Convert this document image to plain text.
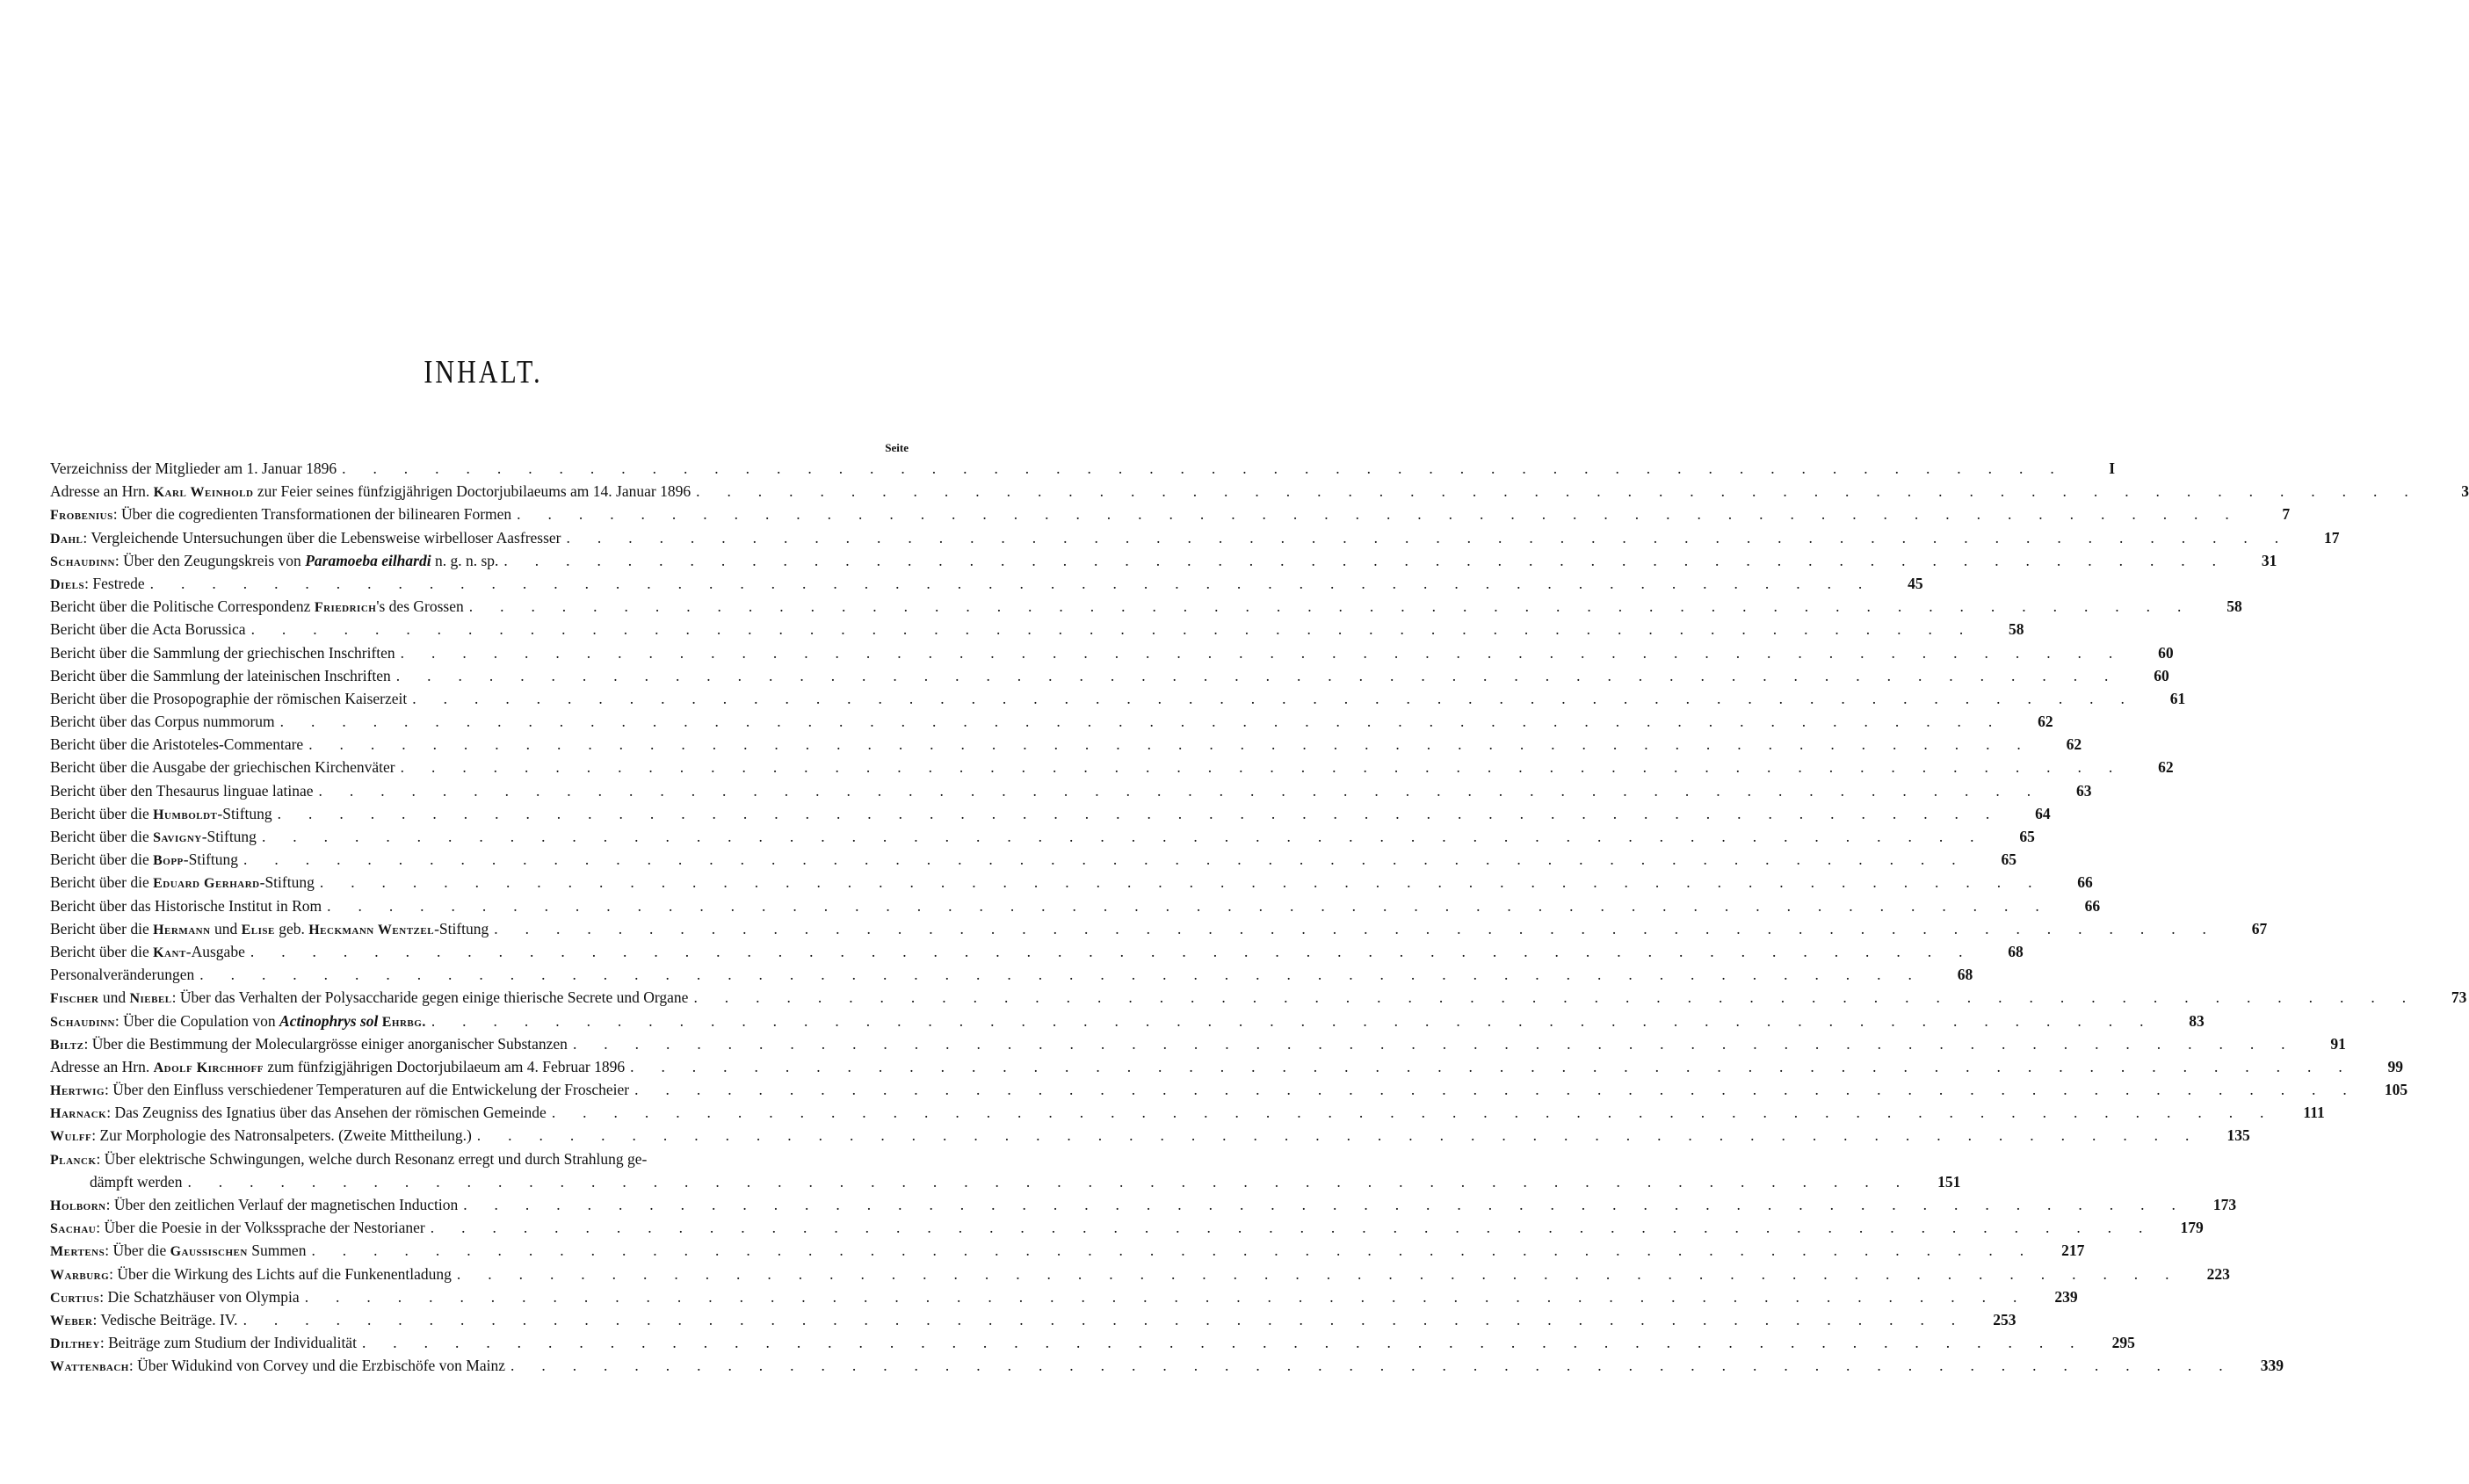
INHALT.
Seite
Verzeichniss der Mitglieder am 1. Januar 1896 . . . . . . . . . . . . . . . . . . . . . . . . . . . . . . . . . . . . . . . . . . . . . . . . . . . . . . . .	I
Adresse an Hrn. Karl Weinhold zur Feier seines fünfzigjährigen Doctorjubilaeums am 14. Januar 1896 . . . . . . . . . . . . . . . . . . . . . . . . . . . . . . . . . . . . . . . . . . . . . . . . . . . . . . . .	3
Frobenius: Über die cogredienten Transformationen der bilinearen Formen . . . . . . . . . . . . . . . . . . . . . . . . . . . . . . . . . . . . . . . . . . . . . . . . . . . . . . . .	7
Dahl: Vergleichende Untersuchungen über die Lebensweise wirbelloser Aasfresser . . . . . . . . . . . . . . . . . . . . . . . . . . . . . . . . . . . . . . . . . . . . . . . . . . . . . . . .	17
Schaudinn: Über den Zeugungskreis von Paramoeba eilhardi n. g. n. sp. . . . . . . . . . . . . . . . . . . . . . . . . . . . . . . . . . . . . . . . . . . . . . . . . . . . . . . . .	31
Diels: Festrede . . . . . . . . . . . . . . . . . . . . . . . . . . . . . . . . . . . . . . . . . . . . . . . . . . . . . . . .	45
Bericht über die Politische Correspondenz Friedrich's des Grossen . . . . . . . . . . . . . . . . . . . . . . . . . . . . . . . . . . . . . . . . . . . . . . . . . . . . . . . .	58
Bericht über die Acta Borussica . . . . . . . . . . . . . . . . . . . . . . . . . . . . . . . . . . . . . . . . . . . . . . . . . . . . . . . .	58
Bericht über die Sammlung der griechischen Inschriften . . . . . . . . . . . . . . . . . . . . . . . . . . . . . . . . . . . . . . . . . . . . . . . . . . . . . . . .	60
Bericht über die Sammlung der lateinischen Inschriften . . . . . . . . . . . . . . . . . . . . . . . . . . . . . . . . . . . . . . . . . . . . . . . . . . . . . . . .	60
Bericht über die Prosopographie der römischen Kaiserzeit . . . . . . . . . . . . . . . . . . . . . . . . . . . . . . . . . . . . . . . . . . . . . . . . . . . . . . . .	61
Bericht über das Corpus nummorum . . . . . . . . . . . . . . . . . . . . . . . . . . . . . . . . . . . . . . . . . . . . . . . . . . . . . . . .	62
Bericht über die Aristoteles-Commentare . . . . . . . . . . . . . . . . . . . . . . . . . . . . . . . . . . . . . . . . . . . . . . . . . . . . . . . .	62
Bericht über die Ausgabe der griechischen Kirchenväter . . . . . . . . . . . . . . . . . . . . . . . . . . . . . . . . . . . . . . . . . . . . . . . . . . . . . . . .	62
Bericht über den Thesaurus linguae latinae . . . . . . . . . . . . . . . . . . . . . . . . . . . . . . . . . . . . . . . . . . . . . . . . . . . . . . . .	63
Bericht über die Humboldt-Stiftung . . . . . . . . . . . . . . . . . . . . . . . . . . . . . . . . . . . . . . . . . . . . . . . . . . . . . . . .	64
Bericht über die Savigny-Stiftung . . . . . . . . . . . . . . . . . . . . . . . . . . . . . . . . . . . . . . . . . . . . . . . . . . . . . . . .	65
Bericht über die Bopp-Stiftung . . . . . . . . . . . . . . . . . . . . . . . . . . . . . . . . . . . . . . . . . . . . . . . . . . . . . . . .	65
Bericht über die Eduard Gerhard-Stiftung . . . . . . . . . . . . . . . . . . . . . . . . . . . . . . . . . . . . . . . . . . . . . . . . . . . . . . . .	66
Bericht über das Historische Institut in Rom . . . . . . . . . . . . . . . . . . . . . . . . . . . . . . . . . . . . . . . . . . . . . . . . . . . . . . . .	66
Bericht über die Hermann und Elise geb. Heckmann Wentzel-Stiftung . . . . . . . . . . . . . . . . . . . . . . . . . . . . . . . . . . . . . . . . . . . . . . . . . . . . . . . .	67
Bericht über die Kant-Ausgabe . . . . . . . . . . . . . . . . . . . . . . . . . . . . . . . . . . . . . . . . . . . . . . . . . . . . . . . .	68
Personalveränderungen . . . . . . . . . . . . . . . . . . . . . . . . . . . . . . . . . . . . . . . . . . . . . . . . . . . . . . . .	68
Fischer und Niebel: Über das Verhalten der Polysaccharide gegen einige thierische Secrete und Organe . . . . . . . . . . . . . . . . . . . . . . . . . . . . . . . . . . . . . . . . . . . . . . . . . . . . . . . .	73
Schaudinn: Über die Copulation von Actinophrys sol Ehrbg. . . . . . . . . . . . . . . . . . . . . . . . . . . . . . . . . . . . . . . . . . . . . . . . . . . . . . . . .	83
Biltz: Über die Bestimmung der Moleculargrösse einiger anorganischer Substanzen . . . . . . . . . . . . . . . . . . . . . . . . . . . . . . . . . . . . . . . . . . . . . . . . . . . . . . . .	91
Adresse an Hrn. Adolf Kirchhoff zum fünfzigjährigen Doctorjubilaeum am 4. Februar 1896 . . . . . . . . . . . . . . . . . . . . . . . . . . . . . . . . . . . . . . . . . . . . . . . . . . . . . . . .	99
Hertwig: Über den Einfluss verschiedener Temperaturen auf die Entwickelung der Froscheier . . . . . . . . . . . . . . . . . . . . . . . . . . . . . . . . . . . . . . . . . . . . . . . . . . . . . . . .	105
Harnack: Das Zeugniss des Ignatius über das Ansehen der römischen Gemeinde . . . . . . . . . . . . . . . . . . . . . . . . . . . . . . . . . . . . . . . . . . . . . . . . . . . . . . . .	111
Wulff: Zur Morphologie des Natronsalpeters. (Zweite Mittheilung.) . . . . . . . . . . . . . . . . . . . . . . . . . . . . . . . . . . . . . . . . . . . . . . . . . . . . . . . .	135
Planck: Über elektrische Schwingungen, welche durch Resonanz erregt und durch Strahlung ge-
dämpft werden . . . . . . . . . . . . . . . . . . . . . . . . . . . . . . . . . . . . . . . . . . . . . . . . . . . . . . . .	151
Holborn: Über den zeitlichen Verlauf der magnetischen Induction . . . . . . . . . . . . . . . . . . . . . . . . . . . . . . . . . . . . . . . . . . . . . . . . . . . . . . . .	173
Sachau: Über die Poesie in der Volkssprache der Nestorianer . . . . . . . . . . . . . . . . . . . . . . . . . . . . . . . . . . . . . . . . . . . . . . . . . . . . . . . .	179
Mertens: Über die Gaussischen Summen . . . . . . . . . . . . . . . . . . . . . . . . . . . . . . . . . . . . . . . . . . . . . . . . . . . . . . . .	217
Warburg: Über die Wirkung des Lichts auf die Funkenentladung . . . . . . . . . . . . . . . . . . . . . . . . . . . . . . . . . . . . . . . . . . . . . . . . . . . . . . . .	223
Curtius: Die Schatzhäuser von Olympia . . . . . . . . . . . . . . . . . . . . . . . . . . . . . . . . . . . . . . . . . . . . . . . . . . . . . . . .	239
Weber: Vedische Beiträge. IV. . . . . . . . . . . . . . . . . . . . . . . . . . . . . . . . . . . . . . . . . . . . . . . . . . . . . . . . .	253
Dilthey: Beiträge zum Studium der Individualität . . . . . . . . . . . . . . . . . . . . . . . . . . . . . . . . . . . . . . . . . . . . . . . . . . . . . . . .	295
Wattenbach: Über Widukind von Corvey und die Erzbischöfe von Mainz . . . . . . . . . . . . . . . . . . . . . . . . . . . . . . . . . . . . . . . . . . . . . . . . . . . . . . . .	339
